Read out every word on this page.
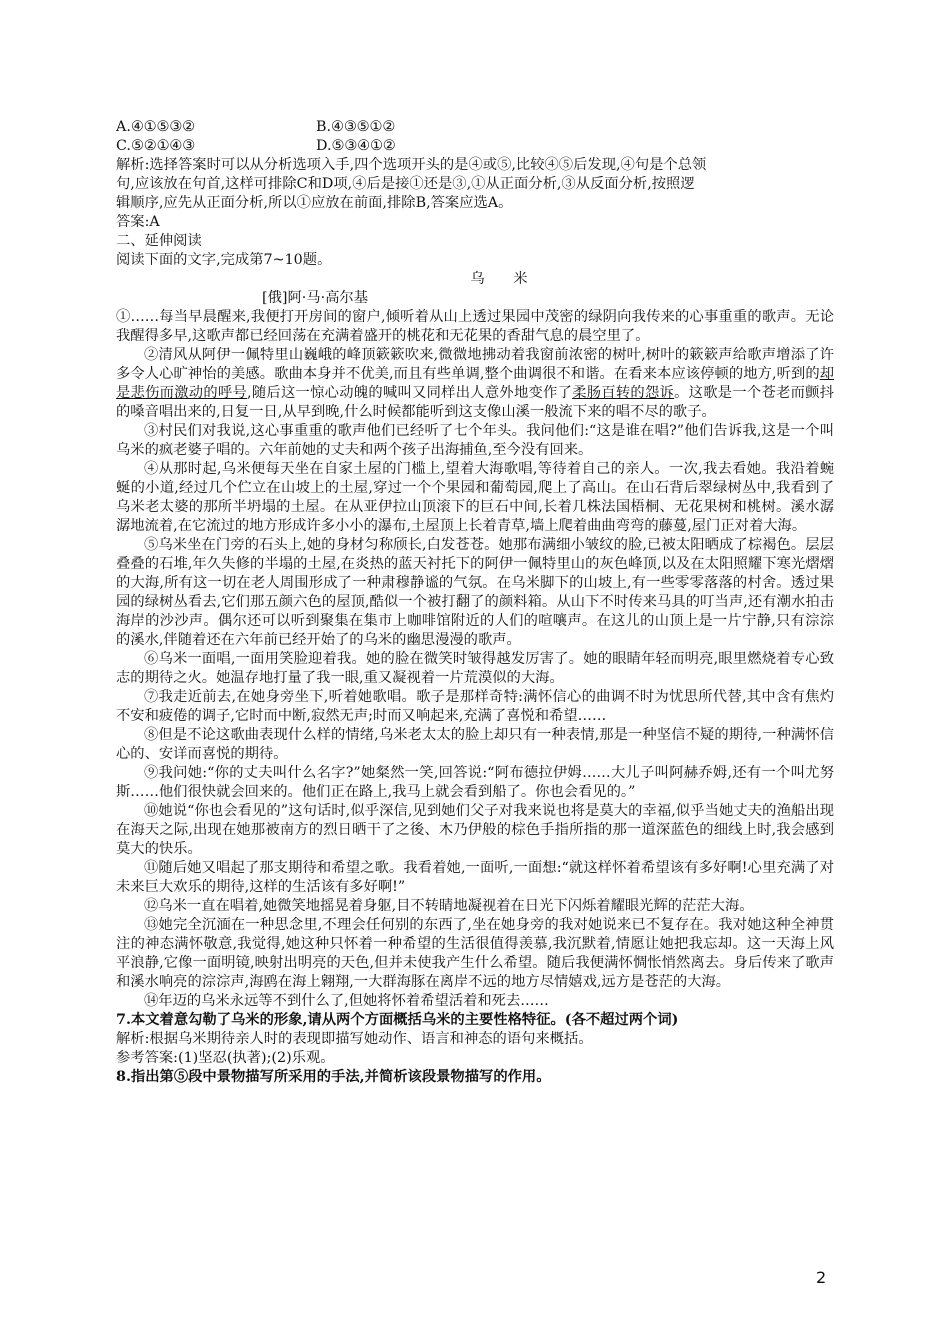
A.④①⑤③②	B.④③⑤①②
C.⑤②①④③	D.⑤③④①②
解析:选择答案时可以从分析选项入手,四个选项开头的是④或⑤,比较④⑤后发现,④句是个总领
句,应该放在句首,这样可排除C和D项,④后是接①还是③,①从正面分析,③从反面分析,按照逻
辑顺序,应先从正面分析,所以①应放在前面,排除B,答案应选A。
答案:A
二、延伸阅读
阅读下面的文字,完成第7~10题。
乌 米
[俄]阿·马·高尔基
①……每当早晨醒来,我便打开房间的窗户,倾听着从山上透过果园中茂密的绿阴向我传来的心事重重的歌声。无论我醒得多早,这歌声都已经回荡在充满着盛开的桃花和无花果的香甜气息的晨空里了。
②清风从阿伊一佩特里山巍峨的峰顶簌簌吹来,微微地拂动着我窗前浓密的树叶,树叶的簌簌声给歌声增添了许多令人心旷神怡的美感。歌曲本身并不优美,而且有些单调,整个曲调很不和谐。在看来本应该停顿的地方,听到的却是悲伤而激动的呼号,随后这一惊心动魄的喊叫又同样出人意外地变作了柔肠百转的怨诉。这歌是一个苍老而颤抖的嗓音唱出来的,日复一日,从早到晚,什么时候都能听到这支像山溪一般流下来的唱不尽的歌子。
③村民们对我说,这心事重重的歌声他们已经听了七个年头。我问他们:“这是谁在唱?”他们告诉我,这是一个叫乌米的疯老婆子唱的。六年前她的丈夫和两个孩子出海捕鱼,至今没有回来。
④从那时起,乌米便每天坐在自家土屋的门槛上,望着大海歌唱,等待着自己的亲人。一次,我去看她。我沿着蜿蜒的小道,经过几个伫立在山坡上的土屋,穿过一个个果园和葡萄园,爬上了高山。在山石背后翠绿树丛中,我看到了乌米老太婆的那所半坍塌的土屋。在从亚伊拉山顶滚下的巨石中间,长着几株法国梧桐、无花果树和桃树。溪水潺潺地流着,在它流过的地方形成许多小小的瀑布,土屋顶上长着青草,墙上爬着曲曲弯弯的藤蔓,屋门正对着大海。
⑤乌米坐在门旁的石头上,她的身材匀称颀长,白发苍苍。她那布满细小皱纹的脸,已被太阳晒成了棕褐色。层层叠叠的石堆,年久失修的半塌的土屋,在炎热的蓝天衬托下的阿伊一佩特里山的灰色峰顶,以及在太阳照耀下寒光熠熠的大海,所有这一切在老人周围形成了一种肃穆静谧的气氛。在乌米脚下的山坡上,有一些零零落落的村舍。透过果园的绿树丛看去,它们那五颜六色的屋顶,酷似一个被打翻了的颜料箱。从山下不时传来马具的叮当声,还有潮水拍击海岸的沙沙声。偶尔还可以听到聚集在集市上咖啡馆附近的人们的喧嚷声。在这儿的山顶上是一片宁静,只有淙淙的溪水,伴随着还在六年前已经开始了的乌米的幽思漫漫的歌声。
⑥乌米一面唱,一面用笑脸迎着我。她的脸在微笑时皱得越发厉害了。她的眼睛年轻而明亮,眼里燃烧着专心致志的期待之火。她温存地打量了我一眼,重又凝视着一片荒漠似的大海。
⑦我走近前去,在她身旁坐下,听着她歌唱。歌子是那样奇特:满怀信心的曲调不时为忧思所代替,其中含有焦灼不安和疲倦的调子,它时而中断,寂然无声;时而又响起来,充满了喜悦和希望……
⑧但是不论这歌曲表现什么样的情绪,乌米老太太的脸上却只有一种表情,那是一种坚信不疑的期待,一种满怀信心的、安详而喜悦的期待。
⑨我问她:“你的丈夫叫什么名字?”她粲然一笑,回答说:“阿布德拉伊姆……大儿子叫阿赫乔姆,还有一个叫尤努斯……他们很快就会回来的。他们正在路上,我马上就会看到船了。你也会看见的。”
⑩她说“你也会看见的”这句话时,似乎深信,见到她们父子对我来说也将是莫大的幸福,似乎当她丈夫的渔船出现在海天之际,出现在她那被南方的烈日晒干了之後、木乃伊般的棕色手指所指的那一道深蓝色的细线上时,我会感到莫大的快乐。
⑪随后她又唱起了那支期待和希望之歌。我看着她,一面听,一面想:“就这样怀着希望该有多好啊!心里充满了对未来巨大欢乐的期待,这样的生活该有多好啊!”
⑫乌米一直在唱着,她微笑地摇晃着身躯,目不转睛地凝视着在日光下闪烁着耀眼光辉的茫茫大海。
⑬她完全沉湎在一种思念里,不理会任何别的东西了,坐在她身旁的我对她说来已不复存在。我对她这种全神贯注的神态满怀敬意,我觉得,她这种只怀着一种希望的生活很值得羡慕,我沉默着,情愿让她把我忘却。这一天海上风平浪静,它像一面明镜,映射出明亮的天色,但并未使我产生什么希望。随后我便满怀惆怅悄然离去。身后传来了歌声和溪水响亮的淙淙声,海鸥在海上翱翔,一大群海豚在离岸不远的地方尽情嬉戏,远方是苍茫的大海。
⑭年迈的乌米永远等不到什么了,但她将怀着希望活着和死去……
7.本文着意勾勒了乌米的形象,请从两个方面概括乌米的主要性格特征。(各不超过两个词)
解析:根据乌米期待亲人时的表现即描写她动作、语言和神态的语句来概括。
参考答案:(1)坚忍(执著);(2)乐观。
8.指出第⑤段中景物描写所采用的手法,并简析该段景物描写的作用。
2
